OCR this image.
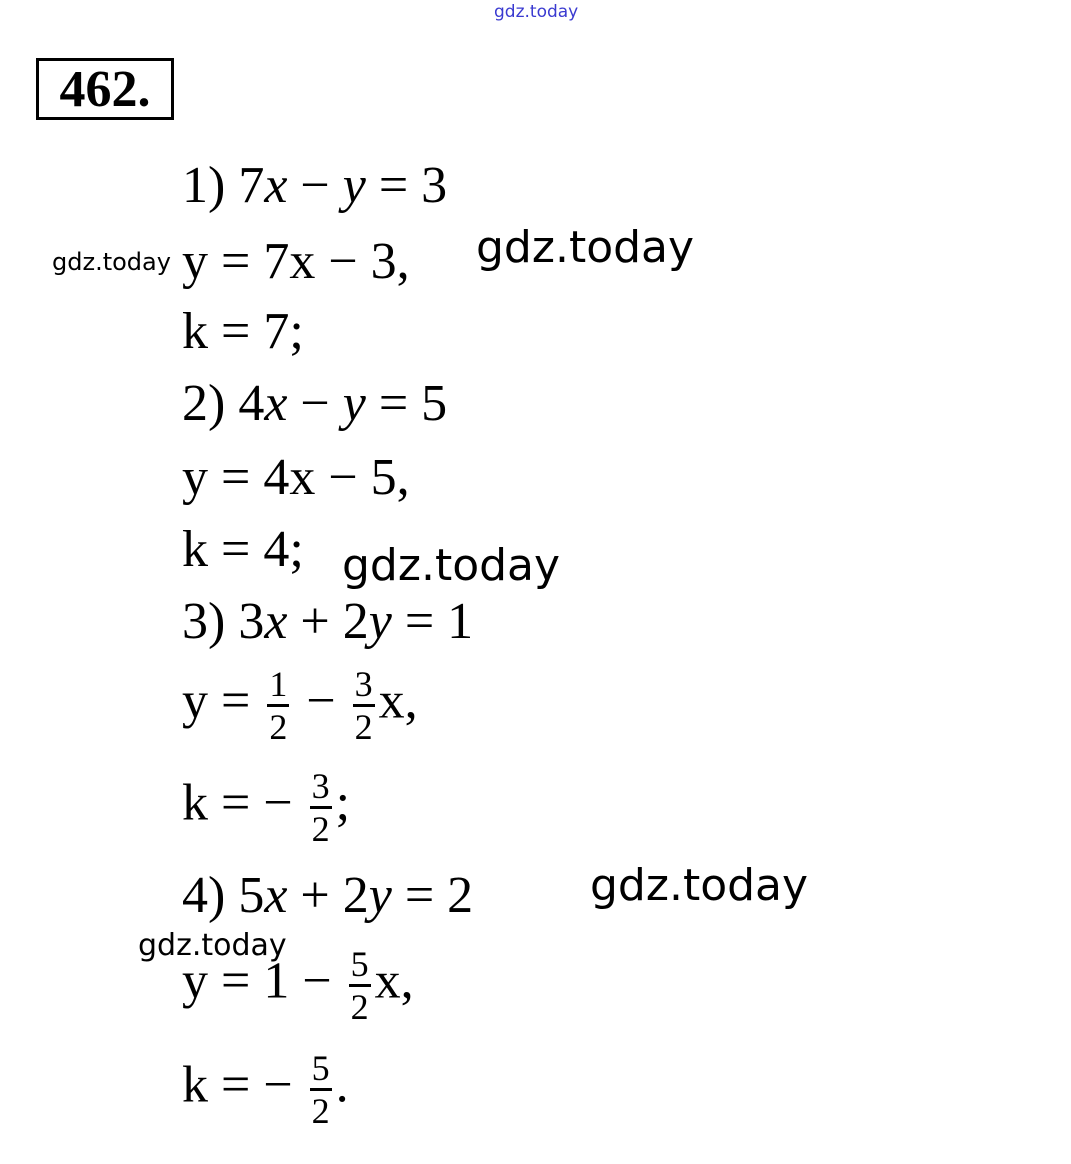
gdz.today
gdz.today	gdz.today
gdz.today
gdz.today
gdz.today
462.
1) 7x − y = 3
y = 7x − 3,
k = 7;
2) 4x − y = 5
y = 4x − 5,
k = 4;
3) 3x + 2y = 1
$y = \frac{1}{2} - \frac{3}{2} x$,
k = − $\frac{3}{2}$ ;
4) 5x + 2y = 2
$y = 1 - \frac{5}{2} x$,
k = − $\frac{5}{2}$ .
